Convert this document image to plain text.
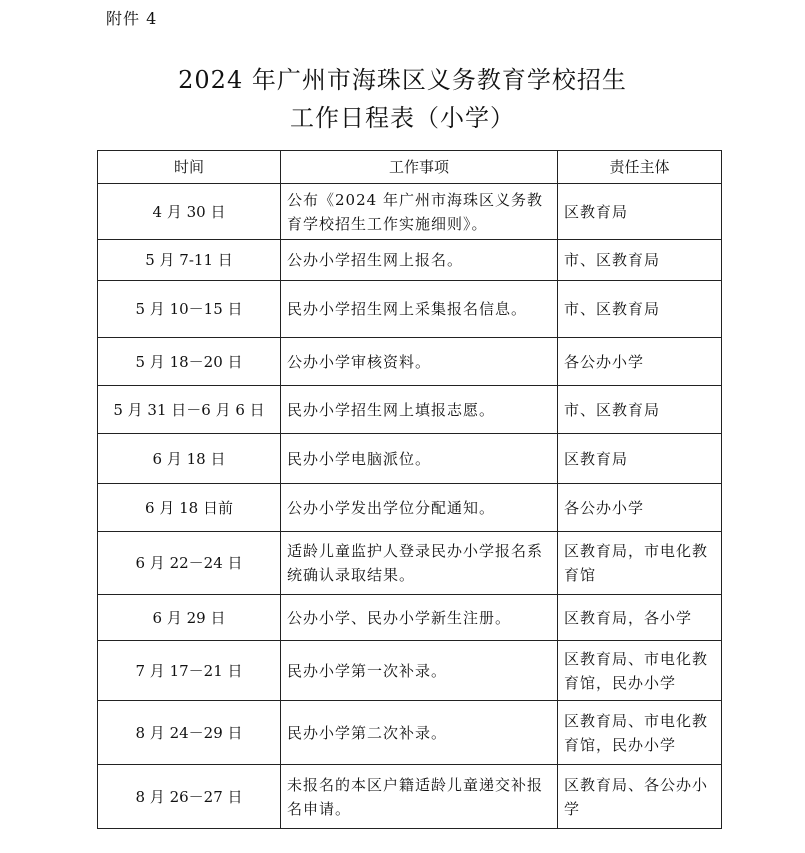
附件 4
2024 年广州市海珠区义务教育学校招生
工作日程表（小学）
时间	工作事项	责任主体
4 月 30 日	公布《2024 年广州市海珠区义务教育学校招生工作实施细则》。	区教育局
5 月 7-11 日	公办小学招生网上报名。	市、区教育局
5 月 10－15 日	民办小学招生网上采集报名信息。	市、区教育局
5 月 18－20 日	公办小学审核资料。	各公办小学
5 月 31 日－6 月 6 日	民办小学招生网上填报志愿。	市、区教育局
6 月 18 日	民办小学电脑派位。	区教育局
6 月 18 日前	公办小学发出学位分配通知。	各公办小学
6 月 22－24 日	适龄儿童监护人登录民办小学报名系统确认录取结果。	区教育局，市电化教育馆
6 月 29 日	公办小学、民办小学新生注册。	区教育局，各小学
7 月 17－21 日	民办小学第一次补录。	区教育局、市电化教育馆，民办小学
8 月 24－29 日	民办小学第二次补录。	区教育局、市电化教育馆，民办小学
8 月 26－27 日	未报名的本区户籍适龄儿童递交补报名申请。	区教育局、各公办小学
